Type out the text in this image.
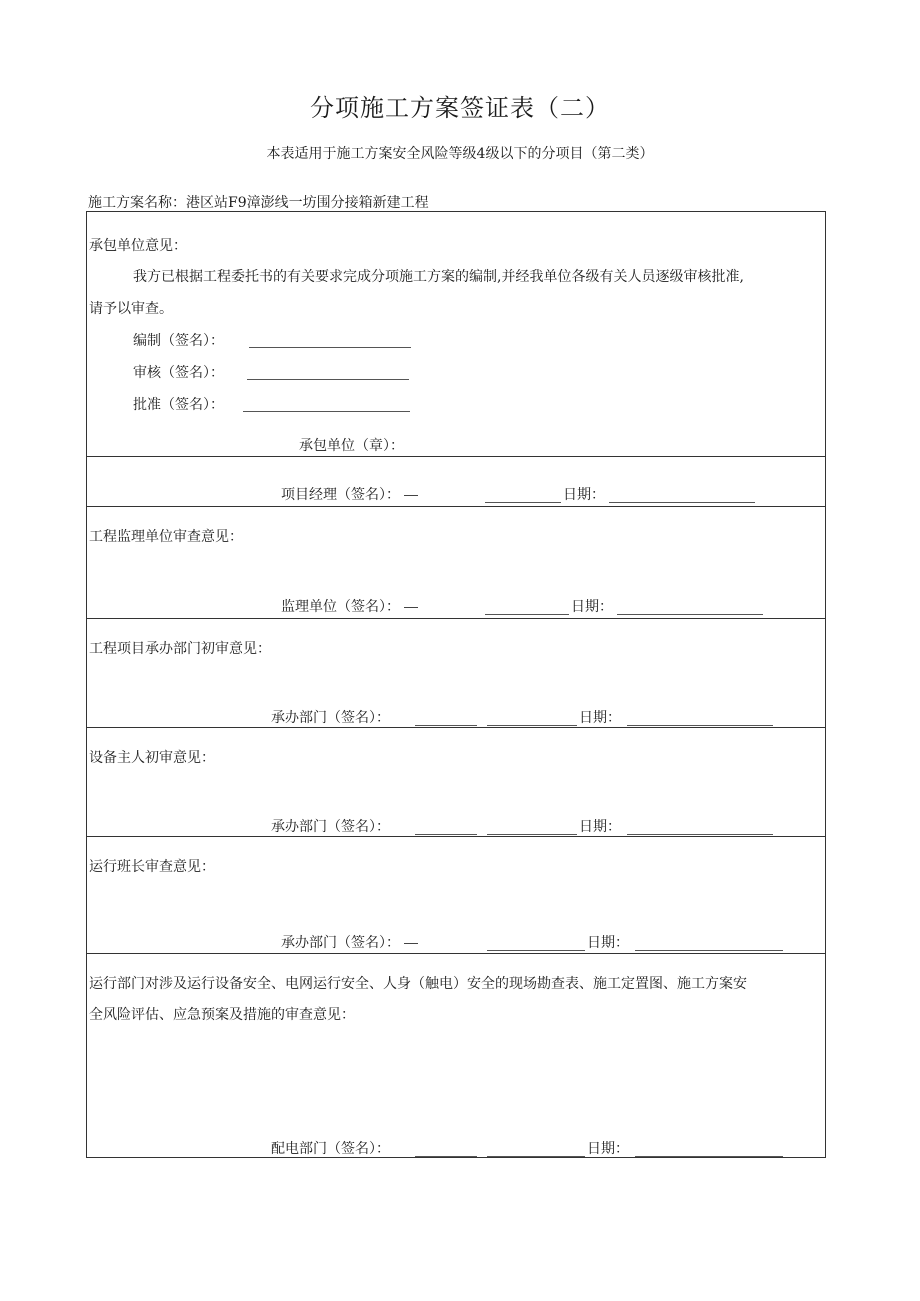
分项施工方案签证表（二）
本表适用于施工方案安全风险等级4级以下的分项目（第二类）
施工方案名称：港区站F9漳澎线一坊围分接箱新建工程
承包单位意见：
我方已根据工程委托书的有关要求完成分项施工方案的编制,并经我单位各级有关人员逐级审核批准,
请予以审查。
编制（签名）：
审核（签名）：
批准（签名）：
承包单位（章）：
项目经理（签名）：	日期：
工程监理单位审查意见：
监理单位（签名）：	日期：
工程项目承办部门初审意见：
承办部门（签名）：	日期：
设备主人初审意见：
承办部门（签名）：	日期：
运行班长审查意见：
承办部门（签名）：	日期：
运行部门对涉及运行设备安全、电网运行安全、人身（触电）安全的现场勘查表、施工定置图、施工方案安
全风险评估、应急预案及措施的审查意见：
配电部门（签名）：	日期：
